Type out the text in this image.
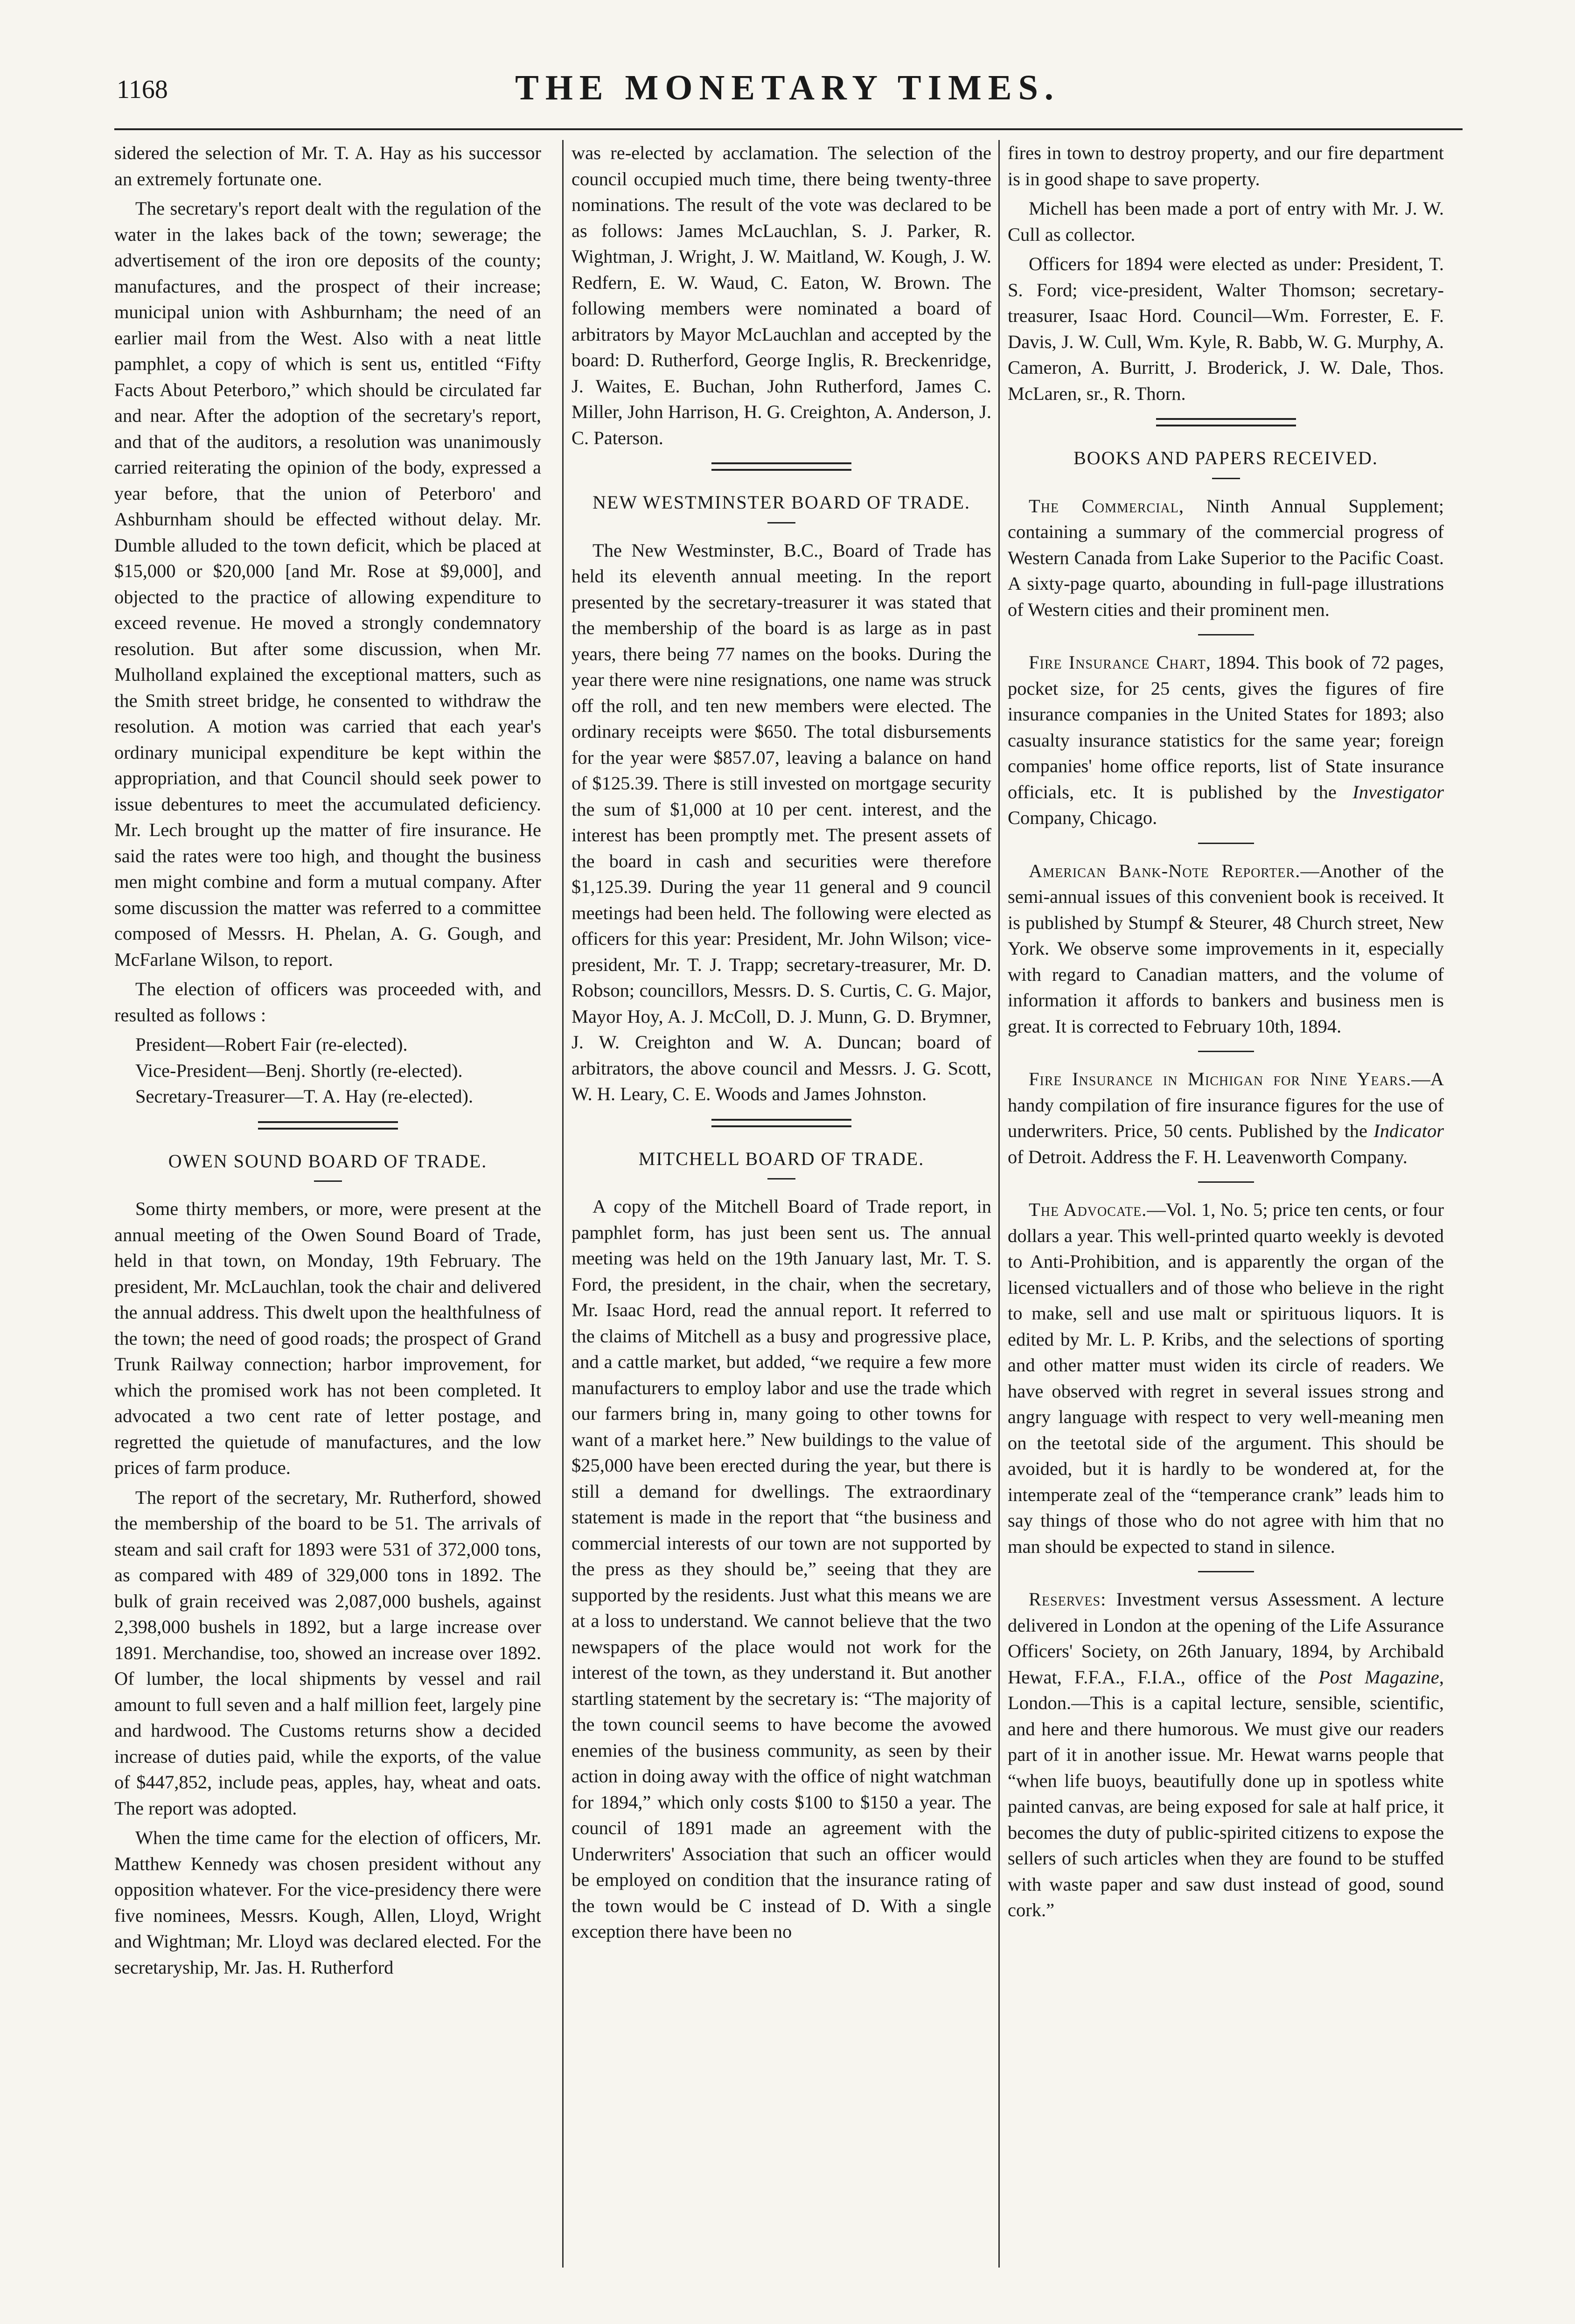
1168	THE MONETARY TIMES.

sidered the selection of Mr. T. A. Hay as his successor an extremely fortunate one.

The secretary's report dealt with the regulation of the water in the lakes back of the town; sewerage; the advertisement of the iron ore deposits of the county; manufactures, and the prospect of their increase; municipal union with Ashburnham; the need of an earlier mail from the West. Also with a neat little pamphlet, a copy of which is sent us, entitled “Fifty Facts About Peterboro,” which should be circulated far and near. After the adoption of the secretary's report, and that of the auditors, a resolution was unanimously carried reiterating the opinion of the body, expressed a year before, that the union of Peterboro' and Ashburnham should be effected without delay. Mr. Dumble alluded to the town deficit, which be placed at $15,000 or $20,000 [and Mr. Rose at $9,000], and objected to the practice of allowing expenditure to exceed revenue. He moved a strongly condemnatory resolution. But after some discussion, when Mr. Mulholland explained the exceptional matters, such as the Smith street bridge, he consented to withdraw the resolution. A motion was carried that each year's ordinary municipal expenditure be kept within the appropriation, and that Council should seek power to issue debentures to meet the accumulated deficiency. Mr. Lech brought up the matter of fire insurance. He said the rates were too high, and thought the business men might combine and form a mutual company. After some discussion the matter was referred to a committee composed of Messrs. H. Phelan, A. G. Gough, and McFarlane Wilson, to report.

The election of officers was proceeded with, and resulted as follows :

President—Robert Fair (re-elected).

Vice-President—Benj. Shortly (re-elected).

Secretary-Treasurer—T. A. Hay (re-elected).

OWEN SOUND BOARD OF TRADE.

Some thirty members, or more, were present at the annual meeting of the Owen Sound Board of Trade, held in that town, on Monday, 19th February. The president, Mr. McLauchlan, took the chair and delivered the annual address. This dwelt upon the healthfulness of the town; the need of good roads; the prospect of Grand Trunk Railway connection; harbor improvement, for which the promised work has not been completed. It advocated a two cent rate of letter postage, and regretted the quietude of manufactures, and the low prices of farm produce.

The report of the secretary, Mr. Rutherford, showed the membership of the board to be 51. The arrivals of steam and sail craft for 1893 were 531 of 372,000 tons, as compared with 489 of 329,000 tons in 1892. The bulk of grain received was 2,087,000 bushels, against 2,398,000 bushels in 1892, but a large increase over 1891. Merchandise, too, showed an increase over 1892. Of lumber, the local shipments by vessel and rail amount to full seven and a half million feet, largely pine and hardwood. The Customs returns show a decided increase of duties paid, while the exports, of the value of $447,852, include peas, apples, hay, wheat and oats. The report was adopted.

When the time came for the election of officers, Mr. Matthew Kennedy was chosen president without any opposition whatever. For the vice-presidency there were five nominees, Messrs. Kough, Allen, Lloyd, Wright and Wightman; Mr. Lloyd was declared elected. For the secretaryship, Mr. Jas. H. Rutherford

was re-elected by acclamation. The selection of the council occupied much time, there being twenty-three nominations. The result of the vote was declared to be as follows: James McLauchlan, S. J. Parker, R. Wightman, J. Wright, J. W. Maitland, W. Kough, J. W. Redfern, E. W. Waud, C. Eaton, W. Brown. The following members were nominated a board of arbitrators by Mayor McLauchlan and accepted by the board: D. Rutherford, George Inglis, R. Breckenridge, J. Waites, E. Buchan, John Rutherford, James C. Miller, John Harrison, H. G. Creighton, A. Anderson, J. C. Paterson.

NEW WESTMINSTER BOARD OF TRADE.

The New Westminster, B.C., Board of Trade has held its eleventh annual meeting. In the report presented by the secretary-treasurer it was stated that the membership of the board is as large as in past years, there being 77 names on the books. During the year there were nine resignations, one name was struck off the roll, and ten new members were elected. The ordinary receipts were $650. The total disbursements for the year were $857.07, leaving a balance on hand of $125.39. There is still invested on mortgage security the sum of $1,000 at 10 per cent. interest, and the interest has been promptly met. The present assets of the board in cash and securities were therefore $1,125.39. During the year 11 general and 9 council meetings had been held. The following were elected as officers for this year: President, Mr. John Wilson; vice-president, Mr. T. J. Trapp; secretary-treasurer, Mr. D. Robson; councillors, Messrs. D. S. Curtis, C. G. Major, Mayor Hoy, A. J. McColl, D. J. Munn, G. D. Brymner, J. W. Creighton and W. A. Duncan; board of arbitrators, the above council and Messrs. J. G. Scott, W. H. Leary, C. E. Woods and James Johnston.

MITCHELL BOARD OF TRADE.

A copy of the Mitchell Board of Trade report, in pamphlet form, has just been sent us. The annual meeting was held on the 19th January last, Mr. T. S. Ford, the president, in the chair, when the secretary, Mr. Isaac Hord, read the annual report. It referred to the claims of Mitchell as a busy and progressive place, and a cattle market, but added, “we require a few more manufacturers to employ labor and use the trade which our farmers bring in, many going to other towns for want of a market here.” New buildings to the value of $25,000 have been erected during the year, but there is still a demand for dwellings. The extraordinary statement is made in the report that “the business and commercial interests of our town are not supported by the press as they should be,” seeing that they are supported by the residents. Just what this means we are at a loss to understand. We cannot believe that the two newspapers of the place would not work for the interest of the town, as they understand it. But another startling statement by the secretary is: “The majority of the town council seems to have become the avowed enemies of the business community, as seen by their action in doing away with the office of night watchman for 1894,” which only costs $100 to $150 a year. The council of 1891 made an agreement with the Underwriters' Association that such an officer would be employed on condition that the insurance rating of the town would be C instead of D. With a single exception there have been no

fires in town to destroy property, and our fire department is in good shape to save property.

Michell has been made a port of entry with Mr. J. W. Cull as collector.

Officers for 1894 were elected as under: President, T. S. Ford; vice-president, Walter Thomson; secretary-treasurer, Isaac Hord. Council—Wm. Forrester, E. F. Davis, J. W. Cull, Wm. Kyle, R. Babb, W. G. Murphy, A. Cameron, A. Burritt, J. Broderick, J. W. Dale, Thos. McLaren, sr., R. Thorn.

BOOKS AND PAPERS RECEIVED.

The Commercial, Ninth Annual Supplement; containing a summary of the commercial progress of Western Canada from Lake Superior to the Pacific Coast. A sixty-page quarto, abounding in full-page illustrations of Western cities and their prominent men.

Fire Insurance Chart, 1894. This book of 72 pages, pocket size, for 25 cents, gives the figures of fire insurance companies in the United States for 1893; also casualty insurance statistics for the same year; foreign companies' home office reports, list of State insurance officials, etc. It is published by the Investigator Company, Chicago.

American Bank-Note Reporter.—Another of the semi-annual issues of this convenient book is received. It is published by Stumpf & Steurer, 48 Church street, New York. We observe some improvements in it, especially with regard to Canadian matters, and the volume of information it affords to bankers and business men is great. It is corrected to February 10th, 1894.

Fire Insurance in Michigan for Nine Years.—A handy compilation of fire insurance figures for the use of underwriters. Price, 50 cents. Published by the Indicator of Detroit. Address the F. H. Leavenworth Company.

The Advocate.—Vol. 1, No. 5; price ten cents, or four dollars a year. This well-printed quarto weekly is devoted to Anti-Prohibition, and is apparently the organ of the licensed victuallers and of those who believe in the right to make, sell and use malt or spirituous liquors. It is edited by Mr. L. P. Kribs, and the selections of sporting and other matter must widen its circle of readers. We have observed with regret in several issues strong and angry language with respect to very well-meaning men on the teetotal side of the argument. This should be avoided, but it is hardly to be wondered at, for the intemperate zeal of the “temperance crank” leads him to say things of those who do not agree with him that no man should be expected to stand in silence.

Reserves: Investment versus Assessment. A lecture delivered in London at the opening of the Life Assurance Officers' Society, on 26th January, 1894, by Archibald Hewat, F.F.A., F.I.A., office of the Post Magazine, London.—This is a capital lecture, sensible, scientific, and here and there humorous. We must give our readers part of it in another issue. Mr. Hewat warns people that “when life buoys, beautifully done up in spotless white painted canvas, are being exposed for sale at half price, it becomes the duty of public-spirited citizens to expose the sellers of such articles when they are found to be stuffed with waste paper and saw dust instead of good, sound cork.”
